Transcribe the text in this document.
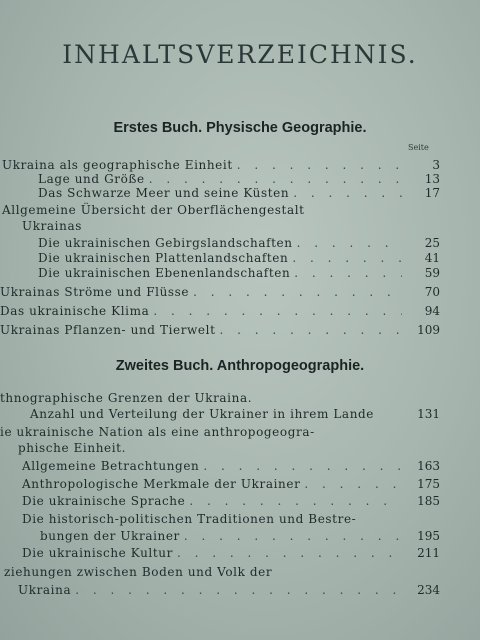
INHALTSVERZEICHNIS.
Erstes Buch. Physische Geographie.
Seite
Ukraina als geographische Einheit . . .	3
Lage und Größe . . .	13
Das Schwarze Meer und seine Küsten . . .	17
Allgemeine Übersicht der Oberflächengestalt
Ukrainas
Die ukrainischen Gebirgslandschaften . . .	25
Die ukrainischen Plattenlandschaften . . .	41
Die ukrainischen Ebenenlandschaften . . .	59
Ukrainas Ströme und Flüsse . . .	70
Das ukrainische Klima . . .	94
Ukrainas Pflanzen- und Tierwelt . . .	109
Zweites Buch. Anthropogeographie.
thnographische Grenzen der Ukraina.
Anzahl und Verteilung der Ukrainer in ihrem Lande	131
ie ukrainische Nation als eine anthropogeogra-
phische Einheit.
Allgemeine Betrachtungen . . .	163
Anthropologische Merkmale der Ukrainer . . .	175
Die ukrainische Sprache . . .	185
Die historisch-politischen Traditionen und Bestre-
bungen der Ukrainer . . .	195
Die ukrainische Kultur . . .	211
ziehungen zwischen Boden und Volk der
Ukraina . . .	234
